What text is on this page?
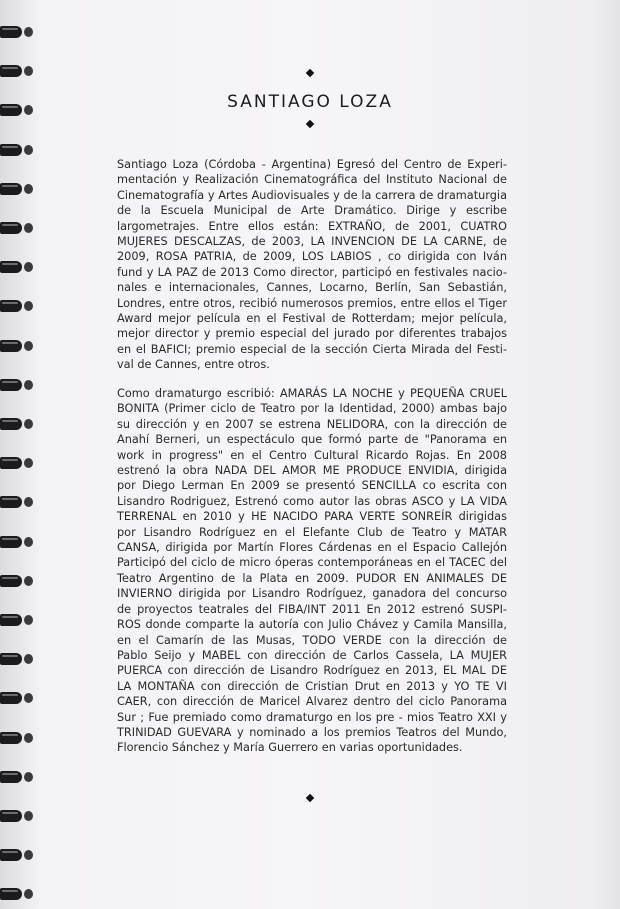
SANTIAGO LOZA
Santiago Loza (Córdoba - Argentina) Egresó del Centro de Experi-
mentación y Realización Cinematográfica del Instituto Nacional de
Cinematografía y Artes Audiovisuales y de la carrera de dramaturgia
de la Escuela Municipal de Arte Dramático. Dirige y escribe
largometrajes. Entre ellos están: EXTRAÑO, de 2001, CUATRO
MUJERES DESCALZAS, de 2003, LA INVENCION DE LA CARNE, de
2009, ROSA PATRIA, de 2009, LOS LABIOS , co dirigida con Iván
fund y LA PAZ de 2013 Como director, participó en festivales nacio-
nales e internacionales, Cannes, Locarno, Berlín, San Sebastián,
Londres, entre otros, recibió numerosos premios, entre ellos el Tiger
Award mejor película en el Festival de Rotterdam; mejor película,
mejor director y premio especial del jurado por diferentes trabajos
en el BAFICI; premio especial de la sección Cierta Mirada del Festi-
val de Cannes, entre otros.
Como dramaturgo escribió: AMARÁS LA NOCHE y PEQUEÑA CRUEL
BONITA (Primer ciclo de Teatro por la Identidad, 2000) ambas bajo
su dirección y en 2007 se estrena NELIDORA, con la dirección de
Anahí Berneri, un espectáculo que formó parte de "Panorama en
work in progress" en el Centro Cultural Ricardo Rojas. En 2008
estrenó la obra NADA DEL AMOR ME PRODUCE ENVIDIA, dirigida
por Diego Lerman En 2009 se presentó SENCILLA co escrita con
Lisandro Rodriguez, Estrenó como autor las obras ASCO y LA VIDA
TERRENAL en 2010 y HE NACIDO PARA VERTE SONREÍR dirigidas
por Lisandro Rodríguez en el Elefante Club de Teatro y MATAR
CANSA, dirigida por Martín Flores Cárdenas en el Espacio Callejón
Participó del ciclo de micro óperas contemporáneas en el TACEC del
Teatro Argentino de la Plata en 2009. PUDOR EN ANIMALES DE
INVIERNO dirigida por Lisandro Rodríguez, ganadora del concurso
de proyectos teatrales del FIBA/INT 2011 En 2012 estrenó SUSPI-
ROS donde comparte la autoría con Julio Chávez y Camila Mansilla,
en el Camarín de las Musas, TODO VERDE con la dirección de
Pablo Seijo y MABEL con dirección de Carlos Cassela, LA MUJER
PUERCA con dirección de Lisandro Rodríguez en 2013, EL MAL DE
LA MONTAÑA con dirección de Cristian Drut en 2013 y YO TE VI
CAER, con dirección de Maricel Alvarez dentro del ciclo Panorama
Sur ; Fue premiado como dramaturgo en los pre - mios Teatro XXI y
TRINIDAD GUEVARA y nominado a los premios Teatros del Mundo,
Florencio Sánchez y María Guerrero en varias oportunidades.
